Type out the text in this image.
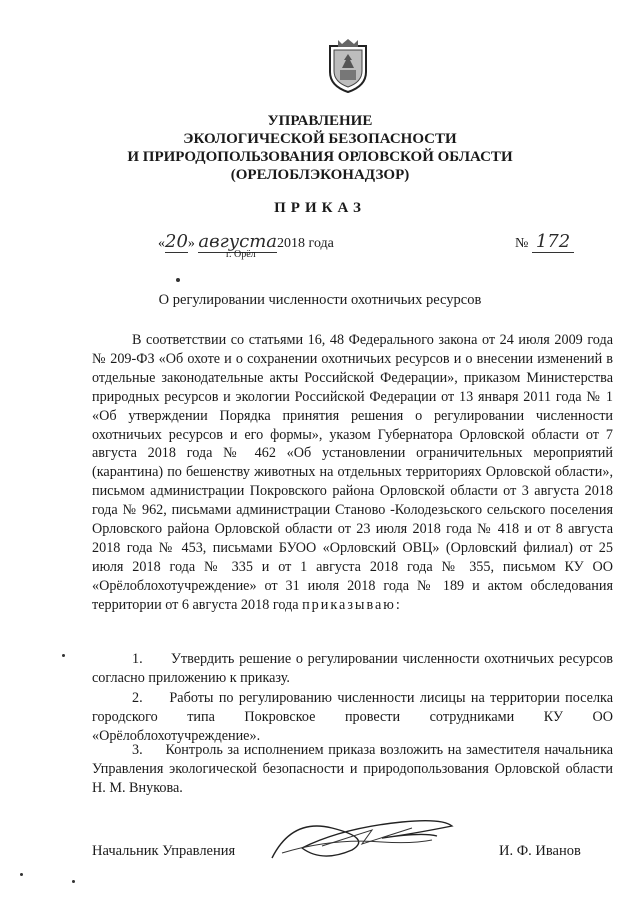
УПРАВЛЕНИЕ
ЭКОЛОГИЧЕСКОЙ БЕЗОПАСНОСТИ
И ПРИРОДОПОЛЬЗОВАНИЯ ОРЛОВСКОЙ ОБЛАСТИ
(ОРЕЛОБЛЭКОНАДЗОР)
ПРИКАЗ
«20» августа2018 года
г. Орёл
№ 172
О регулировании численности охотничьих ресурсов
В соответствии со статьями 16, 48 Федерального закона от 24 июля 2009 года № 209-ФЗ «Об охоте и о сохранении охотничьих ресурсов и о внесении изменений в отдельные законодательные акты Российской Федерации», приказом Министерства природных ресурсов и экологии Российской Федерации от 13 января 2011 года № 1 «Об утверждении Порядка принятия решения о регулировании численности охотничьих ресурсов и его формы», указом Губернатора Орловской области от 7 августа 2018 года № 462 «Об установлении ограничительных мероприятий (карантина) по бешенству животных на отдельных территориях Орловской области», письмом администрации Покровского района Орловской области от 3 августа 2018 года № 962, письмами администрации Станово -Колодезьского сельского поселения Орловского района Орловской области от 23 июля 2018 года № 418 и от 8 августа 2018 года № 453, письмами БУОО «Орловский ОВЦ» (Орловский филиал) от 25 июля 2018 года № 335 и от 1 августа 2018 года № 355, письмом КУ ОО «Орёлоблохотучреждение» от 31 июля 2018 года № 189 и актом обследования территории от 6 августа 2018 года приказываю:
1. Утвердить решение о регулировании численности охотничьих ресурсов согласно приложению к приказу.
2. Работы по регулированию численности лисицы на территории поселка городского типа Покровское провести сотрудниками КУ ОО «Орёлоблохотучреждение».
3. Контроль за исполнением приказа возложить на заместителя начальника Управления экологической безопасности и природопользования Орловской области Н. М. Внукова.
Начальник Управления	И. Ф. Иванов
